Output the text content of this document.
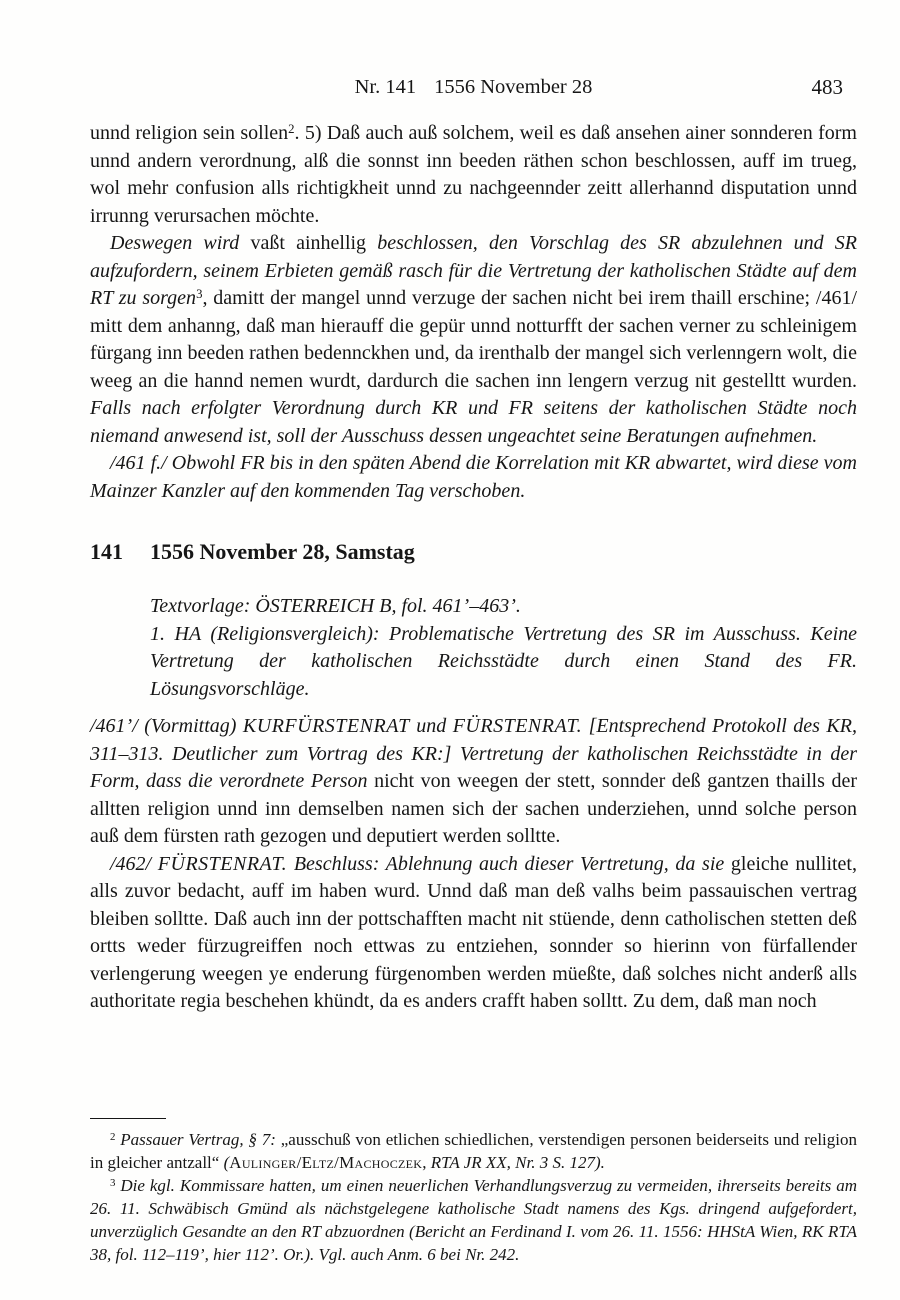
Nr. 141 1556 November 28	483

unnd religion sein sollen$^2$. 5) Daß auch auß solchem, weil es daß ansehen ainer sonnderen form unnd andern verordnung, alß die sonnst inn beeden räthen schon beschlossen, auff im trueg, wol mehr confusion alls richtigkheit unnd zu nachgeennder zeitt allerhannd disputation unnd irrunng verursachen möchte.

Deswegen wird vaßt ainhellig beschlossen, den Vorschlag des SR abzulehnen und SR aufzufordern, seinem Erbieten gemäß rasch für die Vertretung der katholischen Städte auf dem RT zu sorgen$^3$, damitt der mangel unnd verzuge der sachen nicht bei irem thaill erschine; /461/ mitt dem anhanng, daß man hierauff die gepür unnd notturfft der sachen verner zu schleinigem fürgang inn beeden rathen bedennckhen und, da irenthalb der mangel sich verlenngern wolt, die weeg an die hannd nemen wurdt, dardurch die sachen inn lengern verzug nit gestelltt wurden. Falls nach erfolgter Verordnung durch KR und FR seitens der katholischen Städte noch niemand anwesend ist, soll der Ausschuss dessen ungeachtet seine Beratungen aufnehmen.

/461 f./ Obwohl FR bis in den späten Abend die Korrelation mit KR abwartet, wird diese vom Mainzer Kanzler auf den kommenden Tag verschoben.

141	1556 November 28, Samstag

Textvorlage: ÖSTERREICH B, fol. 461’–463’.

1. HA (Religionsvergleich): Problematische Vertretung des SR im Ausschuss. Keine Vertretung der katholischen Reichsstädte durch einen Stand des FR. Lösungsvorschläge.

/461’/ (Vormittag) KURFÜRSTENRAT und FÜRSTENRAT. [Entsprechend Protokoll des KR, 311–313. Deutlicher zum Vortrag des KR:] Vertretung der katholischen Reichsstädte in der Form, dass die verordnete Person nicht von weegen der stett, sonnder deß gantzen thaills der alltten religion unnd inn demselben namen sich der sachen underziehen, unnd solche person auß dem fürsten rath gezogen und deputiert werden solltte.

/462/ FÜRSTENRAT. Beschluss: Ablehnung auch dieser Vertretung, da sie gleiche nullitet, alls zuvor bedacht, auff im haben wurd. Unnd daß man deß valhs beim passauischen vertrag bleiben solltte. Daß auch inn der pottschafften macht nit stüende, denn catholischen stetten deß ortts weder fürzugreiffen noch ettwas zu entziehen, sonnder so hierinn von fürfallender verlengerung weegen ye enderung fürgenomben werden müeßte, daß solches nicht anderß alls authoritate regia beschehen khündt, da es anders crafft haben solltt. Zu dem, daß man noch

$^2$ Passauer Vertrag, § 7: „ausschuß von etlichen schiedlichen, verstendigen personen beiderseits und religion in gleicher antzall“ (Aulinger/Eltz/Machoczek, RTA JR XX, Nr. 3 S. 127).

$^3$ Die kgl. Kommissare hatten, um einen neuerlichen Verhandlungsverzug zu vermeiden, ihrerseits bereits am 26. 11. Schwäbisch Gmünd als nächstgelegene katholische Stadt namens des Kgs. dringend aufgefordert, unverzüglich Gesandte an den RT abzuordnen (Bericht an Ferdinand I. vom 26. 11. 1556: HHStA Wien, RK RTA 38, fol. 112–119’, hier 112’. Or.). Vgl. auch Anm. 6 bei Nr. 242.
